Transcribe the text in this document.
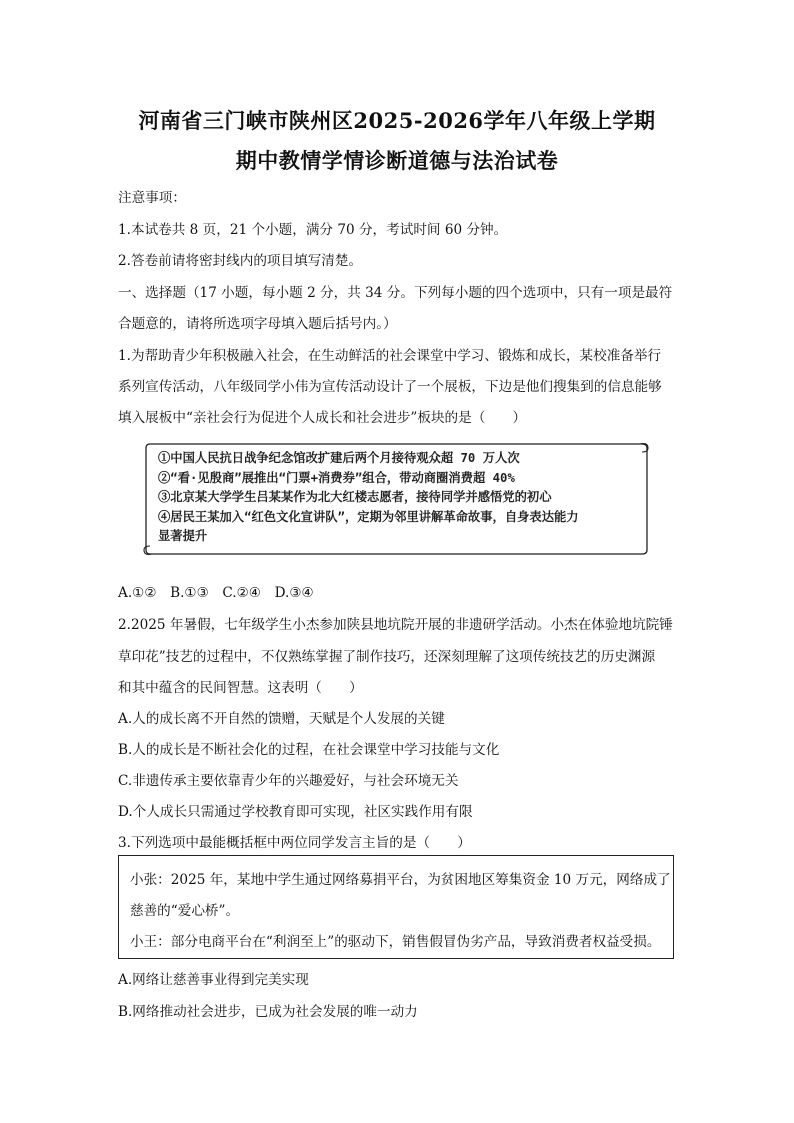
河南省三门峡市陕州区2025-2026学年八年级上学期
期中教情学情诊断道德与法治试卷
注意事项：
1.本试卷共 8 页，21 个小题，满分 70 分，考试时间 60 分钟。
2.答卷前请将密封线内的项目填写清楚。
一、选择题（17 小题，每小题 2 分，共 34 分。下列每小题的四个选项中，只有一项是最符
合题意的，请将所选项字母填入题后括号内。）
1.为帮助青少年积极融入社会，在生动鲜活的社会课堂中学习、锻炼和成长，某校准备举行
系列宣传活动，八年级同学小伟为宣传活动设计了一个展板，下边是他们搜集到的信息能够
填入展板中“亲社会行为促进个人成长和社会进步”板块的是（　　）
①中国人民抗日战争纪念馆改扩建后两个月接待观众超 70 万人次
②“看·见殷商”展推出“门票+消费券”组合，带动商圈消费超 40%
③北京某大学学生吕某某作为北大红楼志愿者，接待同学并感悟党的初心
④居民王某加入“红色文化宣讲队”，定期为邻里讲解革命故事，自身表达能力
显著提升
A.①②　B.①③　C.②④　D.③④
2.2025 年暑假，七年级学生小杰参加陕县地坑院开展的非遗研学活动。小杰在体验地坑院锤
草印花”技艺的过程中，不仅熟练掌握了制作技巧，还深刻理解了这项传统技艺的历史渊源
和其中蕴含的民间智慧。这表明（　　）
A.人的成长离不开自然的馈赠，天赋是个人发展的关键
B.人的成长是不断社会化的过程，在社会课堂中学习技能与文化
C.非遗传承主要依靠青少年的兴趣爱好，与社会环境无关
D.个人成长只需通过学校教育即可实现，社区实践作用有限
3.下列选项中最能概括框中两位同学发言主旨的是（　　）
小张：2025 年，某地中学生通过网络募捐平台，为贫困地区筹集资金 10 万元，网络成了
慈善的“爱心桥”。
小王：部分电商平台在“利润至上”的驱动下，销售假冒伪劣产品，导致消费者权益受损。
A.网络让慈善事业得到完美实现
B.网络推动社会进步，已成为社会发展的唯一动力
